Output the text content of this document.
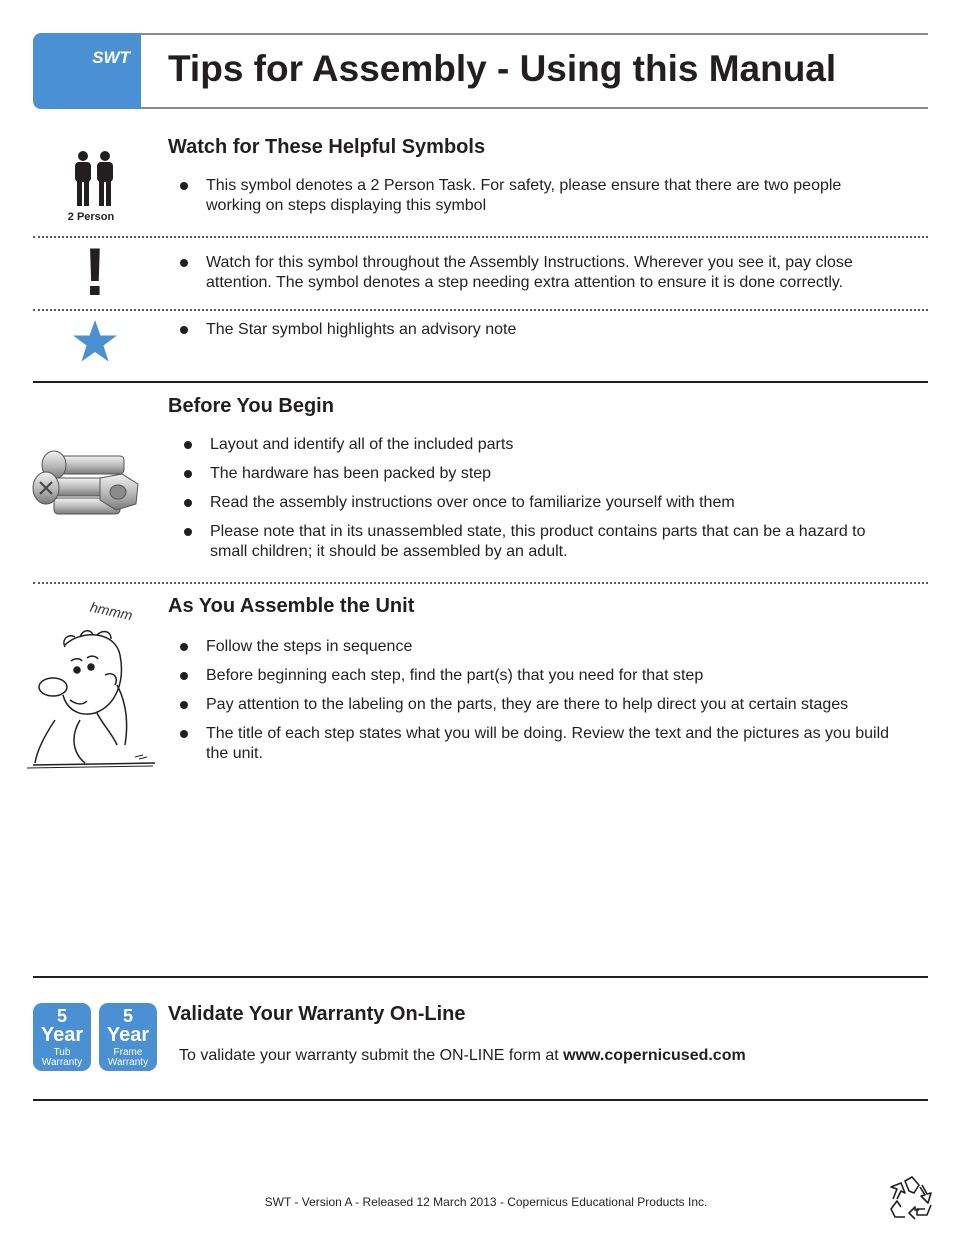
SWT Tips for Assembly - Using this Manual
Watch for These Helpful Symbols
2 Person
This symbol denotes a 2 Person Task. For safety, please ensure that there are two people working on steps displaying this symbol
!	Watch for this symbol throughout the Assembly Instructions. Wherever you see it, pay close attention. The symbol denotes a step needing extra attention to ensure it is done correctly.
The Star symbol highlights an advisory note
Before You Begin
Layout and identify all of the included parts
The hardware has been packed by step
Read the assembly instructions over once to familiarize yourself with them
Please note that in its unassembled state, this product contains parts that can be a hazard to small children; it should be assembled by an adult.
As You Assemble the Unit
hmmm
Follow the steps in sequence
Before beginning each step, find the part(s) that you need for that step
Pay attention to the labeling on the parts, they are there to help direct you at certain stages
The title of each step states what you will be doing. Review the text and the pictures as you build the unit.
5
Year
Tub
Warranty
5
Year
Frame
Warranty
Validate Your Warranty On-Line
To validate your warranty submit the ON-LINE form at www.copernicused.com
SWT - Version A - Released 12 March 2013 - Copernicus Educational Products Inc.
